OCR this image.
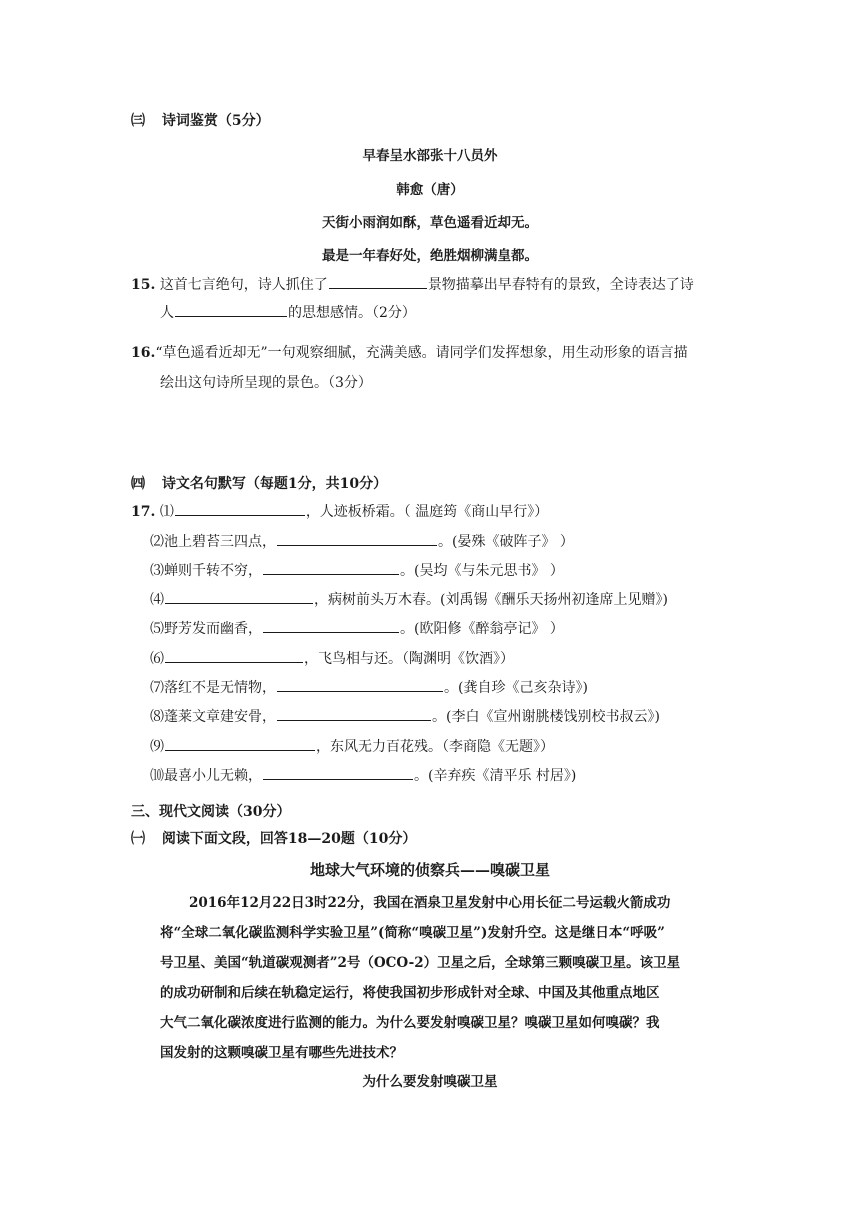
㈢ 诗词鉴赏（5分）
早春呈水部张十八员外
韩愈（唐）
天街小雨润如酥，草色遥看近却无。
最是一年春好处，绝胜烟柳满皇都。
15. 这首七言绝句，诗人抓住了	景物描摹出早春特有的景致，全诗表达了诗
人	的思想感情。（2分）
16.“草色遥看近却无”一句观察细腻，充满美感。请同学们发挥想象，用生动形象的语言描
绘出这句诗所呈现的景色。（3分）
㈣ 诗文名句默写（每题1分，共10分）
17. ⑴	，人迹板桥霜。（ 温庭筠《商山早行》）
⑵池上碧苔三四点，	。(晏殊《破阵子》 ）
⑶蝉则千转不穷，	。(吴均《与朱元思书》 ）
⑷	，病树前头万木春。(刘禹锡《酬乐天扬州初逢席上见赠》)
⑸野芳发而幽香，	。(欧阳修《醉翁亭记》 ）
⑹	，飞鸟相与还。（陶渊明《饮酒》）
⑺落红不是无情物，	。(龚自珍《己亥杂诗》)
⑻蓬莱文章建安骨，	。(李白《宣州谢朓楼饯别校书叔云》)
⑼	，东风无力百花残。（李商隐《无题》）
⑽最喜小儿无赖，	。(辛弃疾《清平乐 村居》)
三、现代文阅读（30分）
㈠ 阅读下面文段，回答18—20题（10分）
地球大气环境的侦察兵——嗅碳卫星
2016年12月22日3时22分，我国在酒泉卫星发射中心用长征二号运载火箭成功
将“全球二氧化碳监测科学实验卫星”(简称“嗅碳卫星”)发射升空。这是继日本“呼吸”
号卫星、美国“轨道碳观测者”2号（OCO-2）卫星之后，全球第三颗嗅碳卫星。该卫星
的成功研制和后续在轨稳定运行，将使我国初步形成针对全球、中国及其他重点地区
大气二氧化碳浓度进行监测的能力。为什么要发射嗅碳卫星？嗅碳卫星如何嗅碳？我
国发射的这颗嗅碳卫星有哪些先进技术？
为什么要发射嗅碳卫星
